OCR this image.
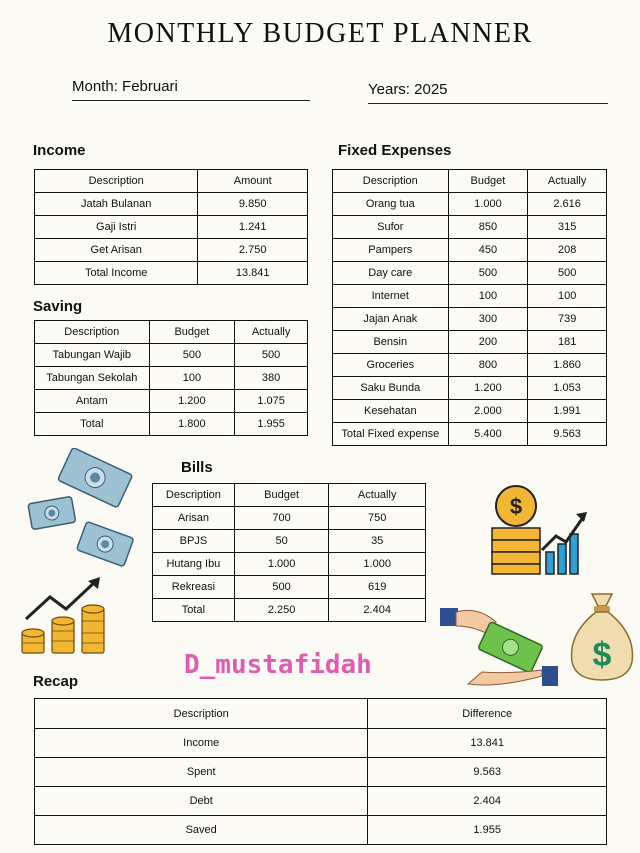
MONTHLY BUDGET PLANNER
Month: Februari	Years: 2025
Income	Fixed Expenses
Saving
Bills
Recap
Description	Amount
Jatah Bulanan	9.850
Gaji Istri	1.241
Get Arisan	2.750
Total Income	13.841
Description	Budget	Actually
Tabungan Wajib	500	500
Tabungan Sekolah	100	380
Antam	1.200	1.075
Total	1.800	1.955
Description	Budget	Actually
Orang tua	1.000	2.616
Sufor	850	315
Pampers	450	208
Day care	500	500
Internet	100	100
Jajan Anak	300	739
Bensin	200	181
Groceries	800	1.860
Saku Bunda	1.200	1.053
Kesehatan	2.000	1.991
Total Fixed expense	5.400	9.563
Description	Budget	Actually
Arisan	700	750
BPJS	50	35
Hutang Ibu	1.000	1.000
Rekreasi	500	619
Total	2.250	2.404
Description	Difference
Income	13.841
Spent	9.563
Debt	2.404
Saved	1.955
D_mustafidah
$
$
